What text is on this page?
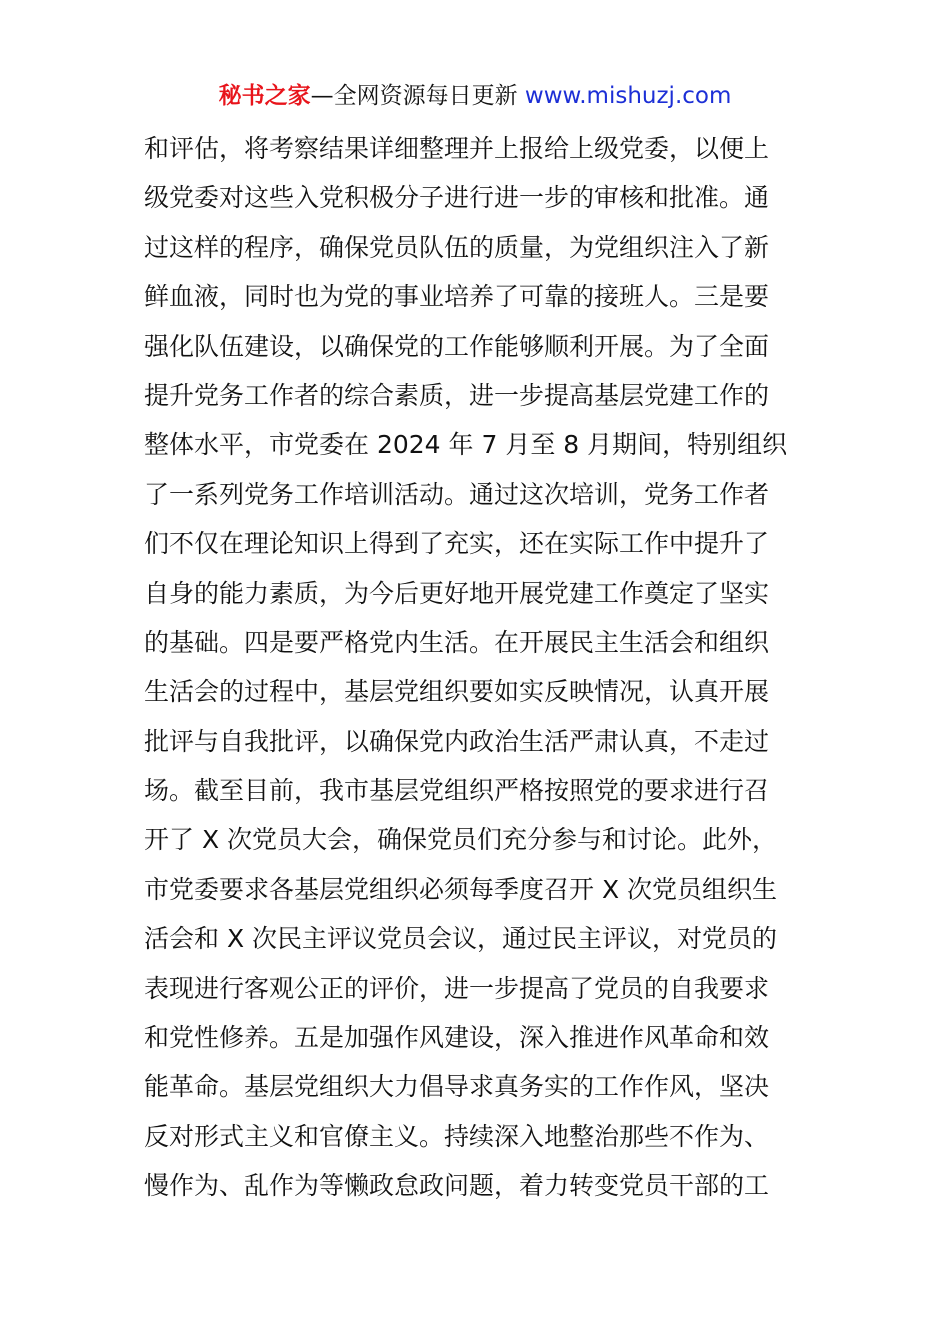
秘书之家—全网资源每日更新 www.mishuzj.com
和评估，将考察结果详细整理并上报给上级党委，以便上
级党委对这些入党积极分子进行进一步的审核和批准。通
过这样的程序，确保党员队伍的质量，为党组织注入了新
鲜血液，同时也为党的事业培养了可靠的接班人。三是要
强化队伍建设，以确保党的工作能够顺利开展。为了全面
提升党务工作者的综合素质，进一步提高基层党建工作的
整体水平，市党委在 2024 年 7 月至 8 月期间，特别组织
了一系列党务工作培训活动。通过这次培训，党务工作者
们不仅在理论知识上得到了充实，还在实际工作中提升了
自身的能力素质，为今后更好地开展党建工作奠定了坚实
的基础。四是要严格党内生活。在开展民主生活会和组织
生活会的过程中，基层党组织要如实反映情况，认真开展
批评与自我批评，以确保党内政治生活严肃认真，不走过
场。截至目前，我市基层党组织严格按照党的要求进行召
开了 X 次党员大会，确保党员们充分参与和讨论。此外，
市党委要求各基层党组织必须每季度召开 X 次党员组织生
活会和 X 次民主评议党员会议，通过民主评议，对党员的
表现进行客观公正的评价，进一步提高了党员的自我要求
和党性修养。五是加强作风建设，深入推进作风革命和效
能革命。基层党组织大力倡导求真务实的工作作风，坚决
反对形式主义和官僚主义。持续深入地整治那些不作为、
慢作为、乱作为等懒政怠政问题，着力转变党员干部的工
